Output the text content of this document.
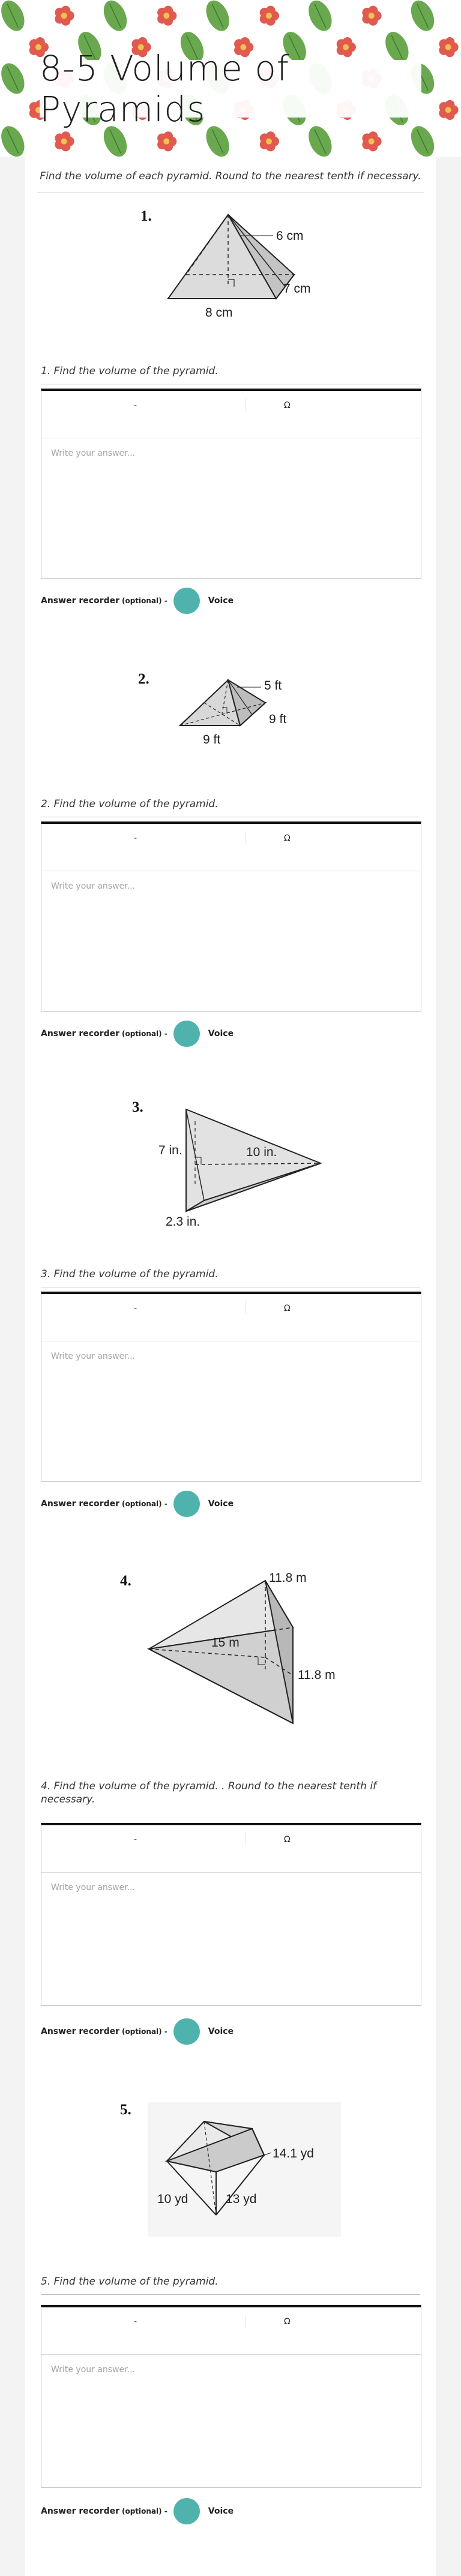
8-5 Volume of Pyramids
Find the volume of each pyramid. Round to the nearest tenth if necessary.
1.
6 cm
7 cm
8 cm
1. Find the volume of the pyramid.
-	Ω
Write your answer...
Answer recorder (optional) -	Voice
2.	5 ft
9 ft
9 ft
2. Find the volume of the pyramid.
-	Ω
Write your answer...
Answer recorder (optional) -	Voice
3.
7 in.	10 in.
2.3 in.
3. Find the volume of the pyramid.
-	Ω
Write your answer...
Answer recorder (optional) -	Voice
4.	11.8 m
15 m
11.8 m
4. Find the volume of the pyramid. . Round to the nearest tenth if necessary.
-	Ω
Write your answer...
Answer recorder (optional) -	Voice
5.
14.1 yd
10 yd	13 yd
5. Find the volume of the pyramid.
-	Ω
Write your answer...
Answer recorder (optional) -	Voice
